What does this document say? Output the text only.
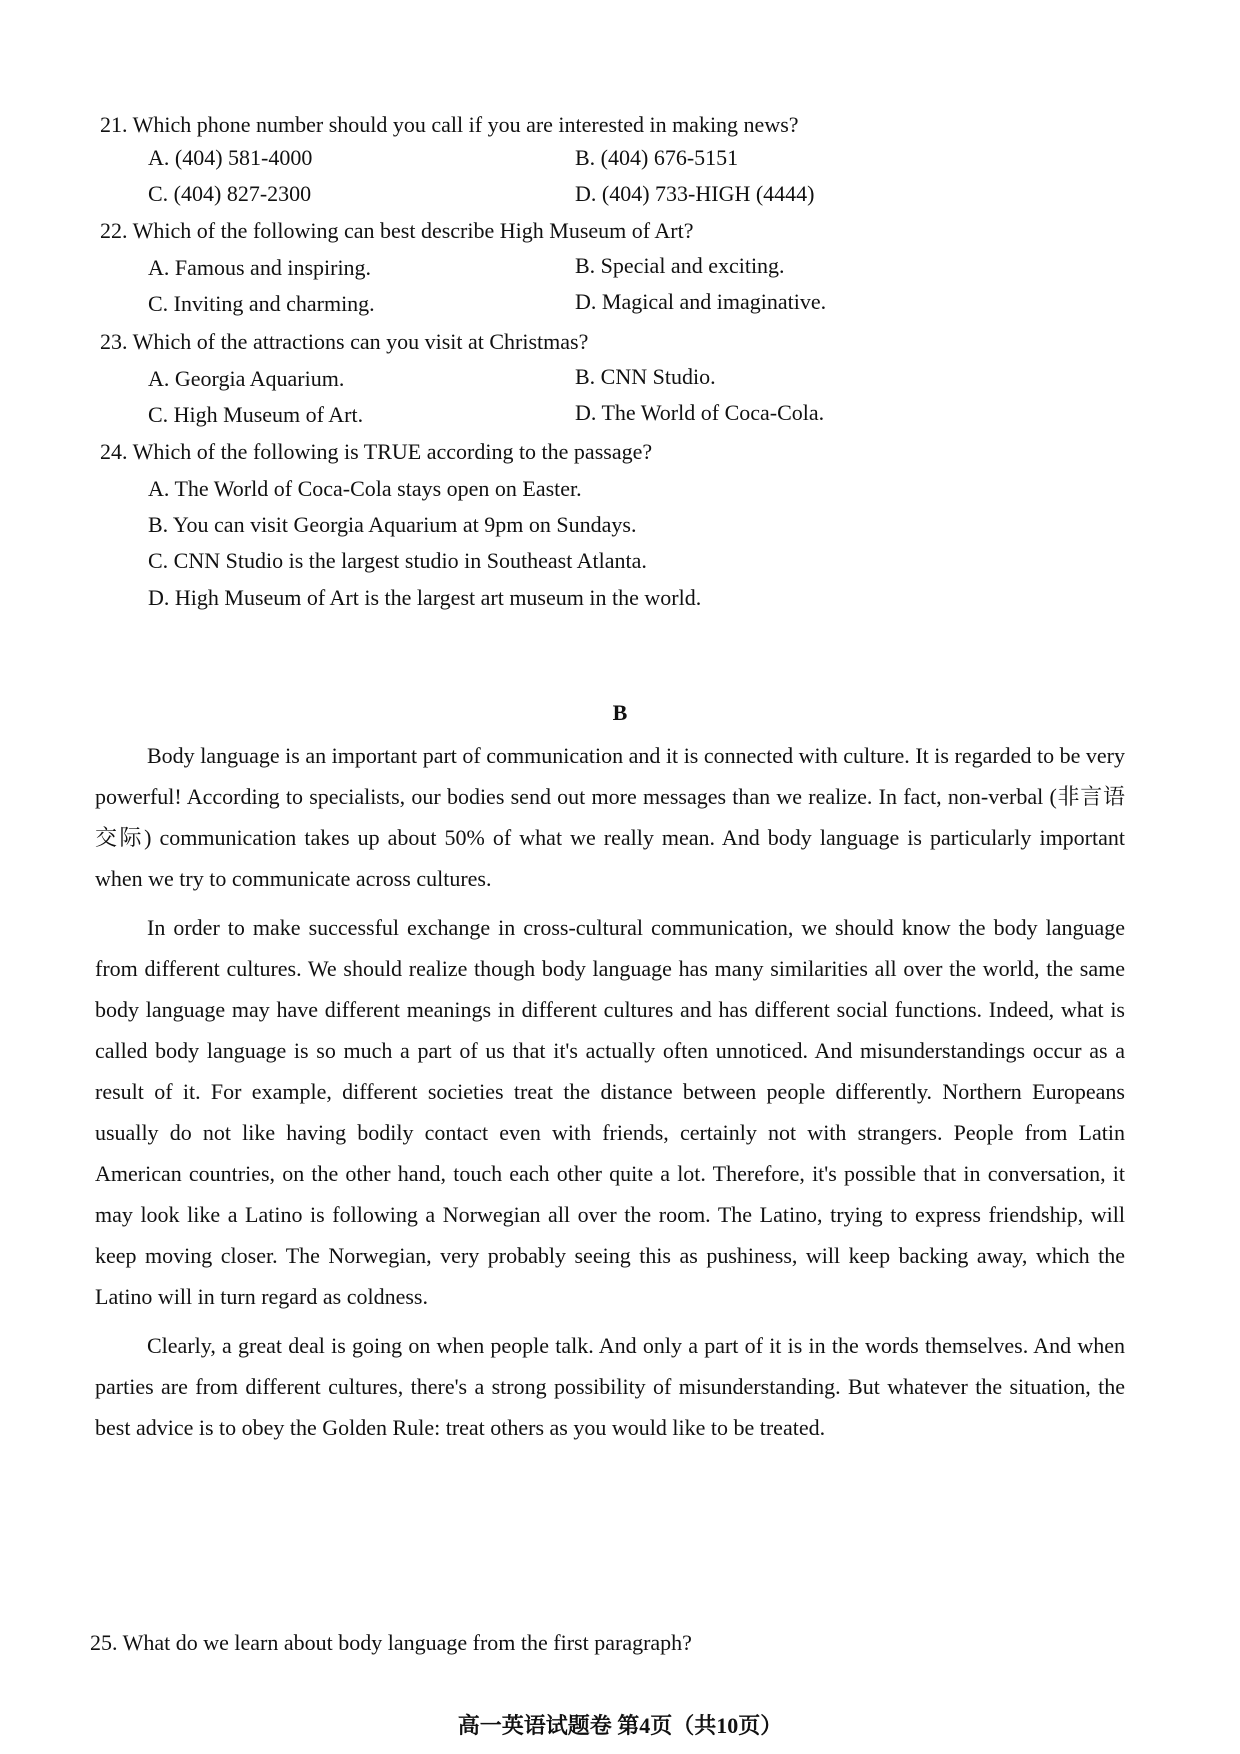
21. Which phone number should you call if you are interested in making news?
A. (404) 581-4000	B. (404) 676-5151
C. (404) 827-2300	D. (404) 733-HIGH (4444)
22. Which of the following can best describe High Museum of Art?
A. Famous and inspiring.	B. Special and exciting.
C. Inviting and charming.	D. Magical and imaginative.
23. Which of the attractions can you visit at Christmas?
A. Georgia Aquarium.	B. CNN Studio.
C. High Museum of Art.	D. The World of Coca-Cola.
24. Which of the following is TRUE according to the passage?
A. The World of Coca-Cola stays open on Easter.
B. You can visit Georgia Aquarium at 9pm on Sundays.
C. CNN Studio is the largest studio in Southeast Atlanta.
D. High Museum of Art is the largest art museum in the world.
B

Body language is an important part of communication and it is connected with culture. It is regarded to be very powerful! According to specialists, our bodies send out more messages than we realize. In fact, non-verbal (非言语交际) communication takes up about 50% of what we really mean. And body language is particularly important when we try to communicate across cultures.

In order to make successful exchange in cross-cultural communication, we should know the body language from different cultures. We should realize though body language has many similarities all over the world, the same body language may have different meanings in different cultures and has different social functions. Indeed, what is called body language is so much a part of us that it's actually often unnoticed. And misunderstandings occur as a result of it. For example, different societies treat the distance between people differently. Northern Europeans usually do not like having bodily contact even with friends, certainly not with strangers. People from Latin American countries, on the other hand, touch each other quite a lot. Therefore, it's possible that in conversation, it may look like a Latino is following a Norwegian all over the room. The Latino, trying to express friendship, will keep moving closer. The Norwegian, very probably seeing this as pushiness, will keep backing away, which the Latino will in turn regard as coldness.

Clearly, a great deal is going on when people talk. And only a part of it is in the words themselves. And when parties are from different cultures, there's a strong possibility of misunderstanding. But whatever the situation, the best advice is to obey the Golden Rule: treat others as you would like to be treated.

25. What do we learn about body language from the first paragraph?
高一英语试题卷 第4页（共10页）
